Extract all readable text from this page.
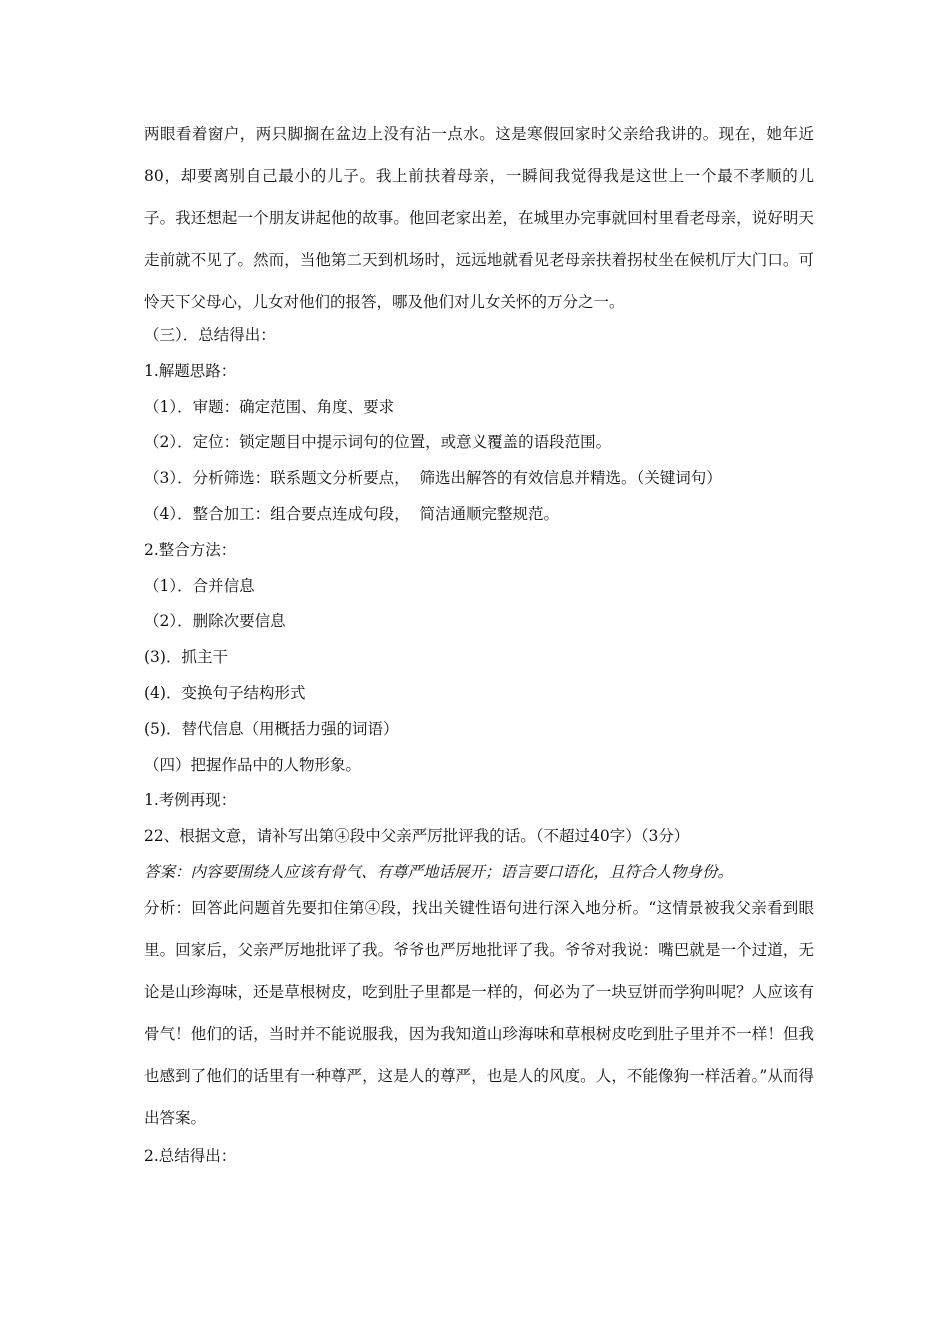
两眼看着窗户，两只脚搁在盆边上没有沾一点水。这是寒假回家时父亲给我讲的。现在，她年近80，却要离别自己最小的儿子。我上前扶着母亲，一瞬间我觉得我是这世上一个最不孝顺的儿子。我还想起一个朋友讲起他的故事。他回老家出差，在城里办完事就回村里看老母亲，说好明天走前就不见了。然而，当他第二天到机场时，远远地就看见老母亲扶着拐杖坐在候机厅大门口。可怜天下父母心，儿女对他们的报答，哪及他们对儿女关怀的万分之一。

（三）．总结得出：

1.解题思路：

（1）．审题：确定范围、角度、要求

（2）．定位：锁定题目中提示词句的位置，或意义覆盖的语段范围。

（3）．分析筛选：联系题文分析要点，  筛选出解答的有效信息并精选。（关键词句）

（4）．整合加工：组合要点连成句段，  简洁通顺完整规范。

2.整合方法：

（1）．合并信息

（2）．删除次要信息

(3)．抓主干

(4)．变换句子结构形式

(5)．替代信息（用概括力强的词语）

（四）把握作品中的人物形象。

1.考例再现：

22、根据文意，请补写出第④段中父亲严厉批评我的话。（不超过40字）（3分）

答案：内容要围绕人应该有骨气、有尊严地话展开；语言要口语化，且符合人物身份。

分析：回答此问题首先要扣住第④段，找出关键性语句进行深入地分析。“这情景被我父亲看到眼里。回家后，父亲严厉地批评了我。爷爷也严厉地批评了我。爷爷对我说：嘴巴就是一个过道，无论是山珍海味，还是草根树皮，吃到肚子里都是一样的，何必为了一块豆饼而学狗叫呢？人应该有骨气！他们的话，当时并不能说服我，因为我知道山珍海味和草根树皮吃到肚子里并不一样！但我也感到了他们的话里有一种尊严，这是人的尊严，也是人的风度。人，不能像狗一样活着。”从而得出答案。

2.总结得出：
